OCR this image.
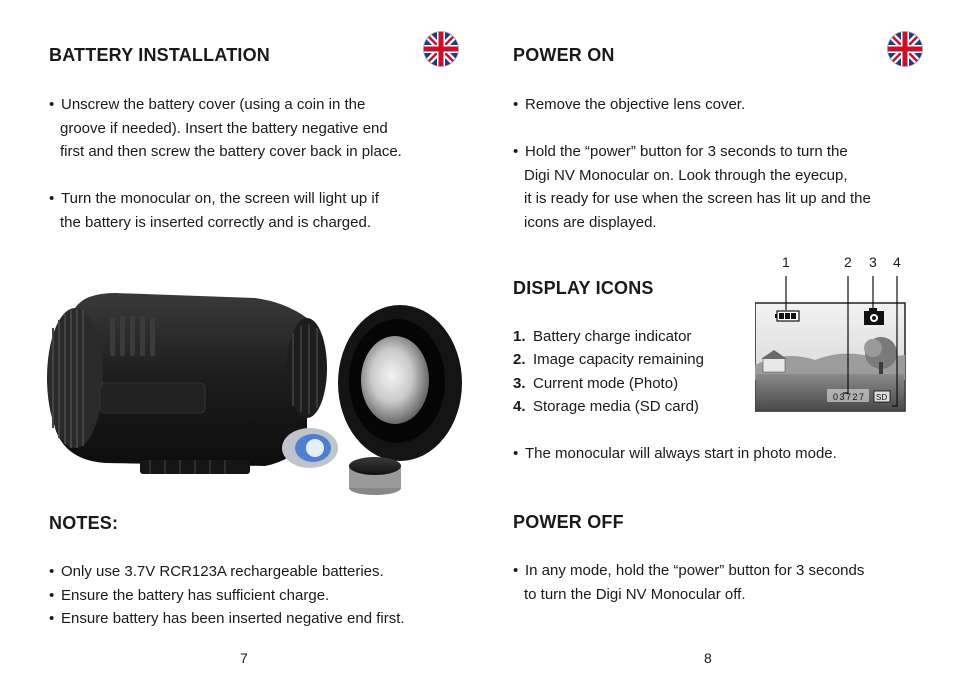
BATTERY INSTALLATION
• Unscrew the battery cover (using a coin in the
groove if needed). Insert the battery negative end
first and then screw the battery cover back in place.
• Turn the monocular on, the screen will light up if
the battery is inserted correctly and is charged.
NOTES:
• Only use 3.7V RCR123A rechargeable batteries.
• Ensure the battery has sufficient charge.
• Ensure battery has been inserted negative end first.
7
POWER ON
• Remove the objective lens cover.
• Hold the “power” button for 3 seconds to turn the
Digi NV Monocular on. Look through the eyecup,
it is ready for use when the screen has lit up and the
icons are displayed.
DISPLAY ICONS
1. Battery charge indicator
2. Image capacity remaining
3. Current mode (Photo)
4. Storage media (SD card)
1	2 3 4
03727 SD
• The monocular will always start in photo mode.
POWER OFF
• In any mode, hold the “power” button for 3 seconds
to turn the Digi NV Monocular off.
8
